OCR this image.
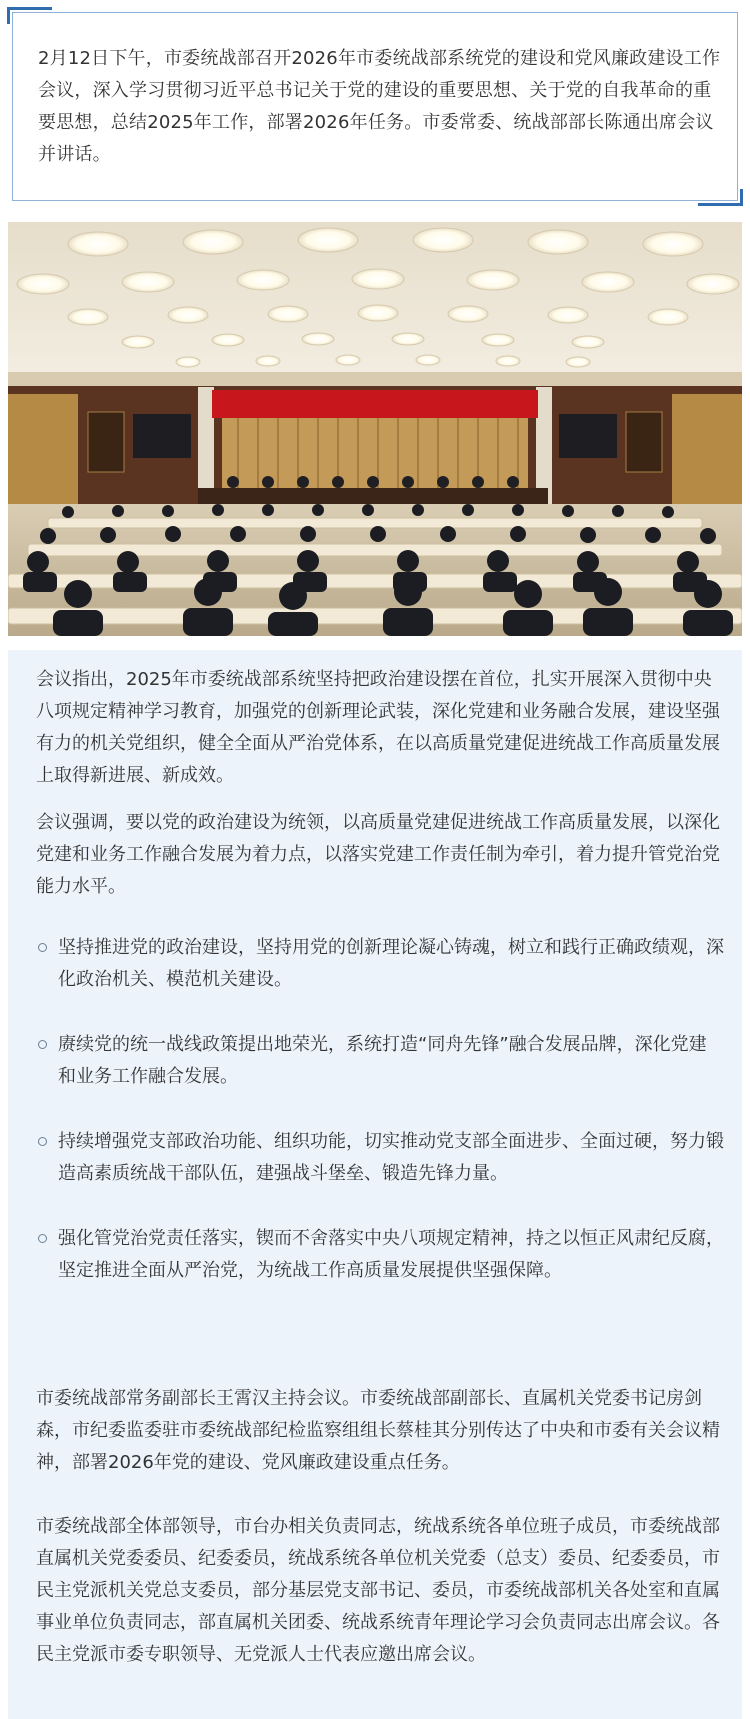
2月12日下午，市委统战部召开2026年市委统战部系统党的建设和党风廉政建设工作会议，深入学习贯彻习近平总书记关于党的建设的重要思想、关于党的自我革命的重要思想，总结2025年工作，部署2026年任务。市委常委、统战部部长陈通出席会议并讲话。

会议指出，2025年市委统战部系统坚持把政治建设摆在首位，扎实开展深入贯彻中央八项规定精神学习教育，加强党的创新理论武装，深化党建和业务融合发展，建设坚强有力的机关党组织，健全全面从严治党体系，在以高质量党建促进统战工作高质量发展上取得新进展、新成效。

会议强调，要以党的政治建设为统领，以高质量党建促进统战工作高质量发展，以深化党建和业务工作融合发展为着力点，以落实党建工作责任制为牵引，着力提升管党治党能力水平。

坚持推进党的政治建设，坚持用党的创新理论凝心铸魂，树立和践行正确政绩观，深化政治机关、模范机关建设。

赓续党的统一战线政策提出地荣光，系统打造“同舟先锋”融合发展品牌，深化党建和业务工作融合发展。

持续增强党支部政治功能、组织功能，切实推动党支部全面进步、全面过硬，努力锻造高素质统战干部队伍，建强战斗堡垒、锻造先锋力量。

强化管党治党责任落实，锲而不舍落实中央八项规定精神，持之以恒正风肃纪反腐，坚定推进全面从严治党，为统战工作高质量发展提供坚强保障。

市委统战部常务副部长王霄汉主持会议。市委统战部副部长、直属机关党委书记房剑森，市纪委监委驻市委统战部纪检监察组组长蔡桂其分别传达了中央和市委有关会议精神，部署2026年党的建设、党风廉政建设重点任务。

市委统战部全体部领导，市台办相关负责同志，统战系统各单位班子成员，市委统战部直属机关党委委员、纪委委员，统战系统各单位机关党委（总支）委员、纪委委员，市民主党派机关党总支委员，部分基层党支部书记、委员，市委统战部机关各处室和直属事业单位负责同志，部直属机关团委、统战系统青年理论学习会负责同志出席会议。各民主党派市委专职领导、无党派人士代表应邀出席会议。
